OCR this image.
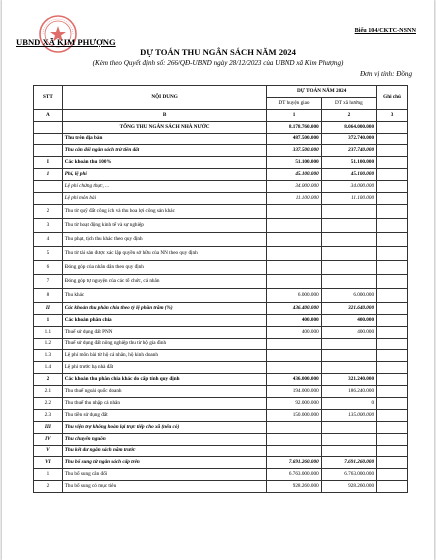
Biểu 104/CKTC-NSNN
UBND XÃ KIM PHƯỢNG
DỰ TOÁN THU NGÂN SÁCH NĂM 2024
(Kèm theo Quyết định số: 266/QĐ-UBND ngày 28/12/2023 của UBND xã Kim Phượng)
Đơn vị tính: Đồng
STT	NỘI DUNG	DỰ TOÁN NĂM 2024		Ghi chú
		DT huyện giao	DT xã hướng	
A	B	1	2	3
	TỔNG THU NGÂN SÁCH NHÀ NƯỚC	8.178.760.000	8.064.000.000	
	Thu trên địa bàn	487.500.000	372.740.000	
	Thu cân đối ngân sách trừ tiền đất	337.500.000	237.740.000	
I	Các khoản thu 100%	51.100.000	51.100.000	
1	Phí, lệ phí	45.100.000	45.100.000	
	Lệ phí chứng thực, ...	34.000.000	34.000.000	
	Lệ phí môn bài	11.100.000	11.100.000	
2	Thu từ quỹ đất công ích và thu hoa lợi công sản khác			
3	Thu từ hoạt động kinh tế và sự nghiệp			
4	Thu phạt, tịch thu khác theo quy định			
5	Thu từ tài sản được xác lập quyền sở hữu của NN theo quy định			
6	Đóng góp của nhân dân theo quy định			
7	Đóng góp tự nguyện của các tổ chức, cá nhân			
8	Thu khác	6.000.000	6.000.000	
II	Các khoản thu phân chia theo tỷ lệ phần trăm (%)	436.400.000	321.640.000	
1	Các khoản phân chia	400.000	400.000	
1.1	Thuế sử dụng đất PNN	400.000	400.000	
1.2	Thuế sử dụng đất nông nghiệp thu từ hộ gia đình			
1.3	Lệ phí môn bài từ hộ cá nhân, hộ kinh doanh			
1.4	Lệ phí trước bạ nhà đất			
2	Các khoản thu phân chia khác do cấp tỉnh quy định	436.000.000	321.240.000	
2.1	Thu thuế ngoài quốc doanh	194.000.000	186.240.000	
2.2	Thu thuế thu nhập cá nhân	92.000.000	0	
2.3	Thu tiền sử dụng đất	150.000.000	135.000.000	
III	Thu viện trợ không hoàn lại trực tiếp cho xã (nếu có)			
IV	Thu chuyển nguồn			
V	Thu kết dư ngân sách năm trước			
VI	Thu bổ sung từ ngân sách cấp trên	7.691.260.000	7.691.260.000	
1	Thu bổ sung cân đối	6.763.000.000	6.763.000.000	
2	Thu bổ sung có mục tiêu	928.260.000	928.260.000	
